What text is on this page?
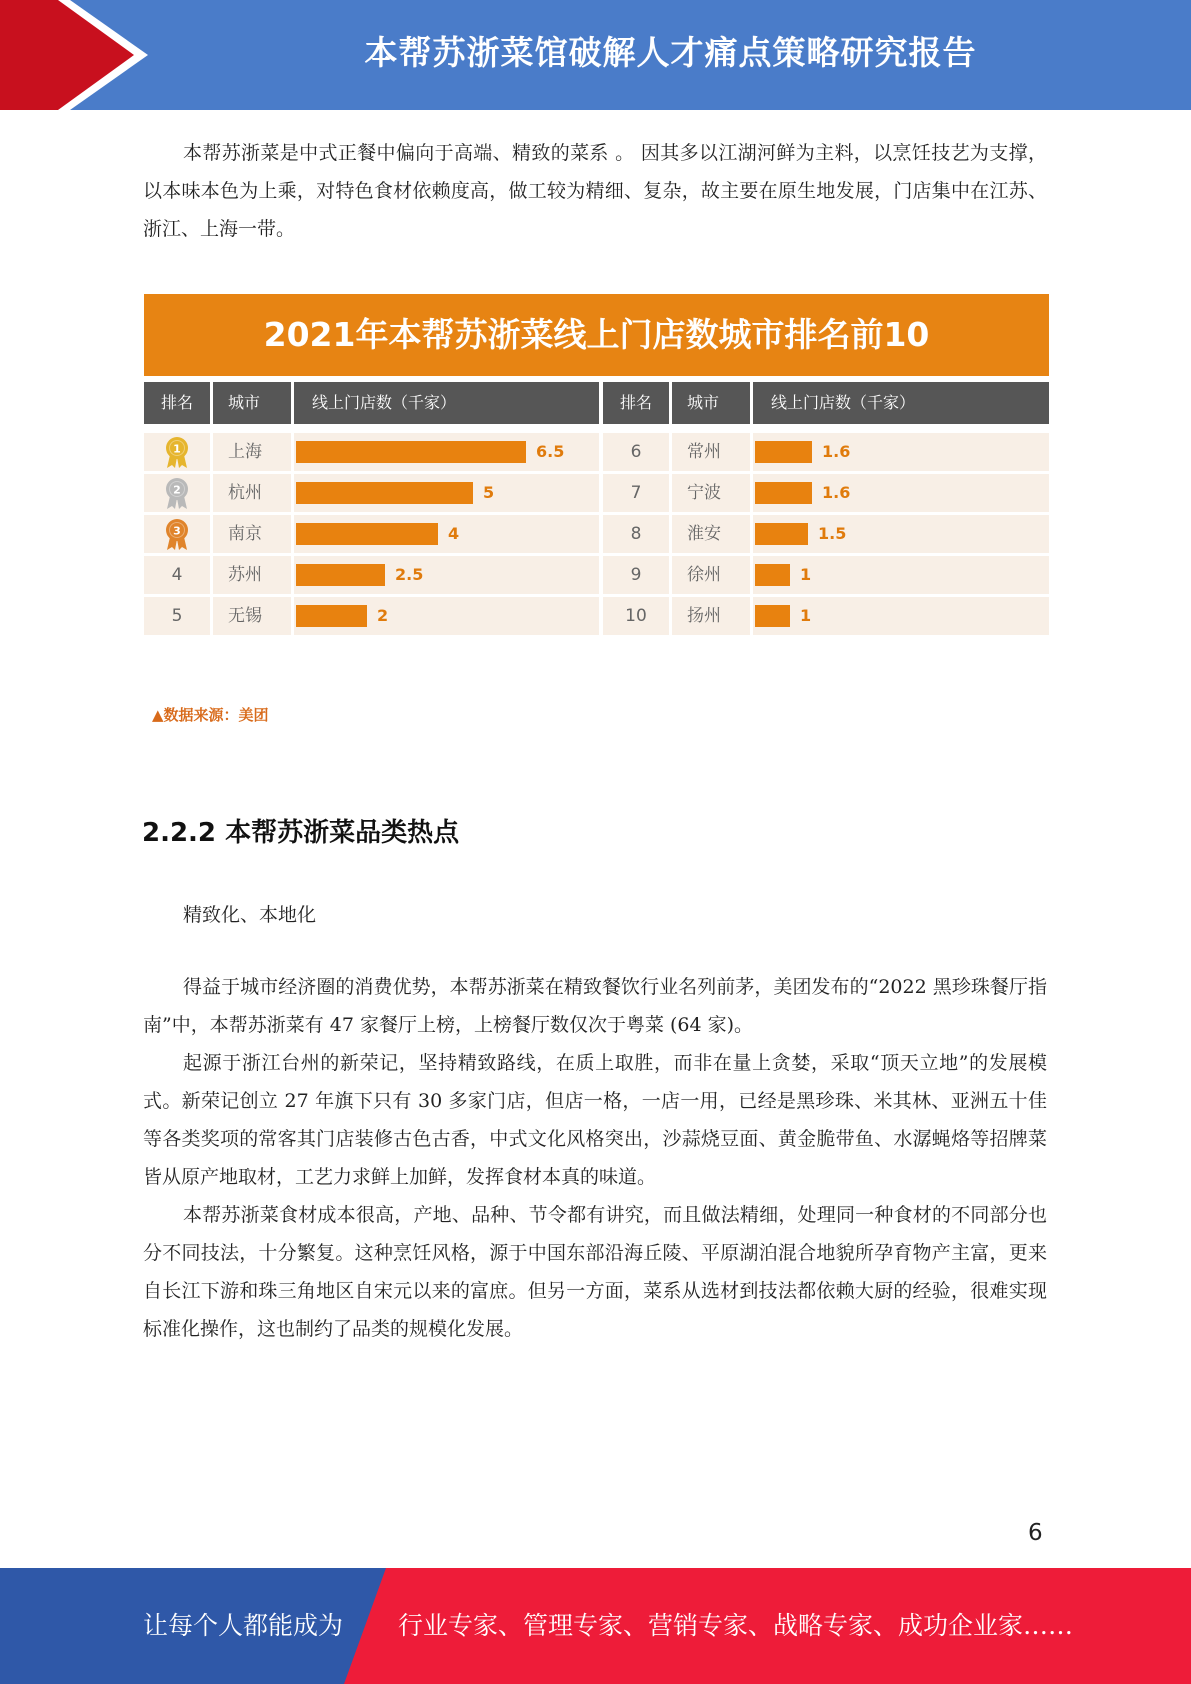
本帮苏浙菜馆破解人才痛点策略研究报告

本帮苏浙菜是中式正餐中偏向于高端、精致的菜系 。 因其多以江湖河鲜为主料，以烹饪技艺为支撑，以本味本色为上乘，对特色食材依赖度高，做工较为精细、复杂，故主要在原生地发展，门店集中在江苏、浙江、上海一带。

2021年本帮苏浙菜线上门店数城市排名前10
排名	城市	线上门店数（千家）	排名	城市	线上门店数（千家）
1	上海	6.5
2	杭州	5
3	南京	4
4	苏州	2.5
5	无锡	2
6	常州	1.6
7	宁波	1.6
8	淮安	1.5
9	徐州	1
10	扬州	1
▲数据来源：美团
2.2.2 本帮苏浙菜品类热点

精致化、本地化

得益于城市经济圈的消费优势，本帮苏浙菜在精致餐饮行业名列前茅，美团发布的“2022 黑珍珠餐厅指南”中，本帮苏浙菜有 47 家餐厅上榜，上榜餐厅数仅次于粤菜 (64 家)。

起源于浙江台州的新荣记，坚持精致路线，在质上取胜，而非在量上贪婪，采取“顶天立地”的发展模式。新荣记创立 27 年旗下只有 30 多家门店，但店一格，一店一用，已经是黑珍珠、米其林、亚洲五十佳等各类奖项的常客其门店装修古色古香，中式文化风格突出，沙蒜烧豆面、黄金脆带鱼、水潺蝇烙等招牌菜皆从原产地取材，工艺力求鲜上加鲜，发挥食材本真的味道。

本帮苏浙菜食材成本很高，产地、品种、节令都有讲究，而且做法精细，处理同一种食材的不同部分也分不同技法，十分繁复。这种烹饪风格，源于中国东部沿海丘陵、平原湖泊混合地貌所孕育物产主富，更来自长江下游和珠三角地区自宋元以来的富庶。但另一方面，菜系从选材到技法都依赖大厨的经验，很难实现标准化操作，这也制约了品类的规模化发展。

6
让每个人都能成为 行业专家、管理专家、营销专家、战略专家、成功企业家……
